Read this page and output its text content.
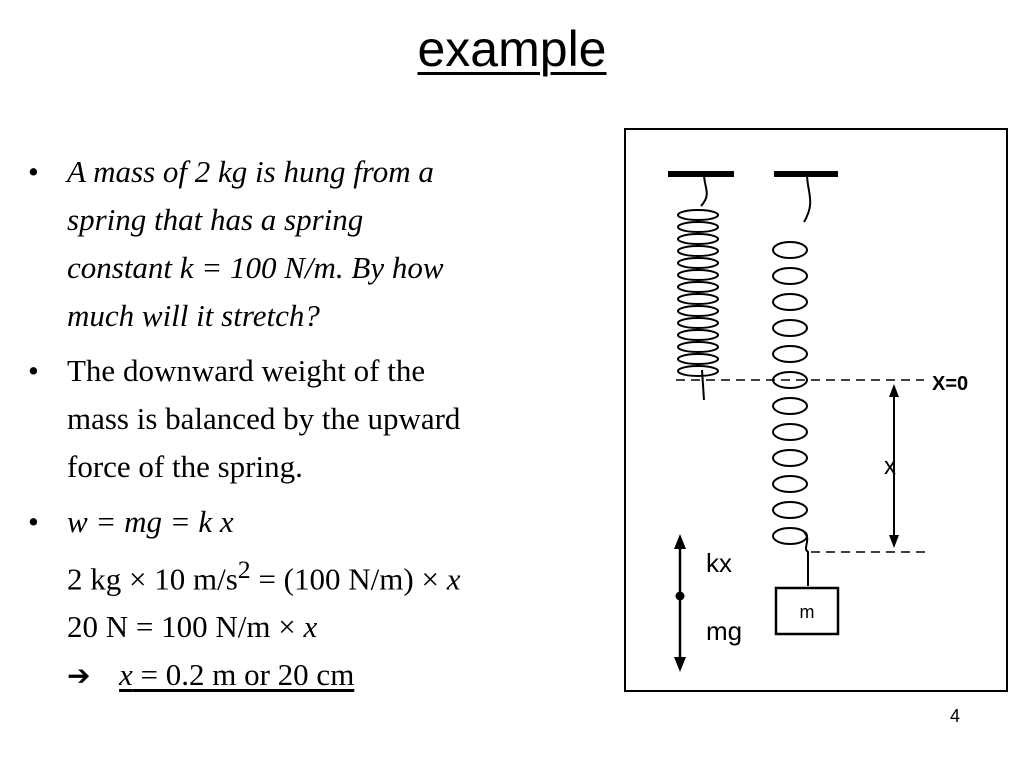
example
• A mass of 2 kg is hung from a
spring that has a spring
constant k = 100 N/m. By how
much will it stretch?
• The downward weight of the
mass is balanced by the upward
force of the spring.
• w = mg = k x
2 kg × 10 $m/s^2 = (100$ N/m) × x
20 N = 100 N/m × x
➔ x = 0.2 m or 20 cm
X=0
x
kx
mg
m
4
